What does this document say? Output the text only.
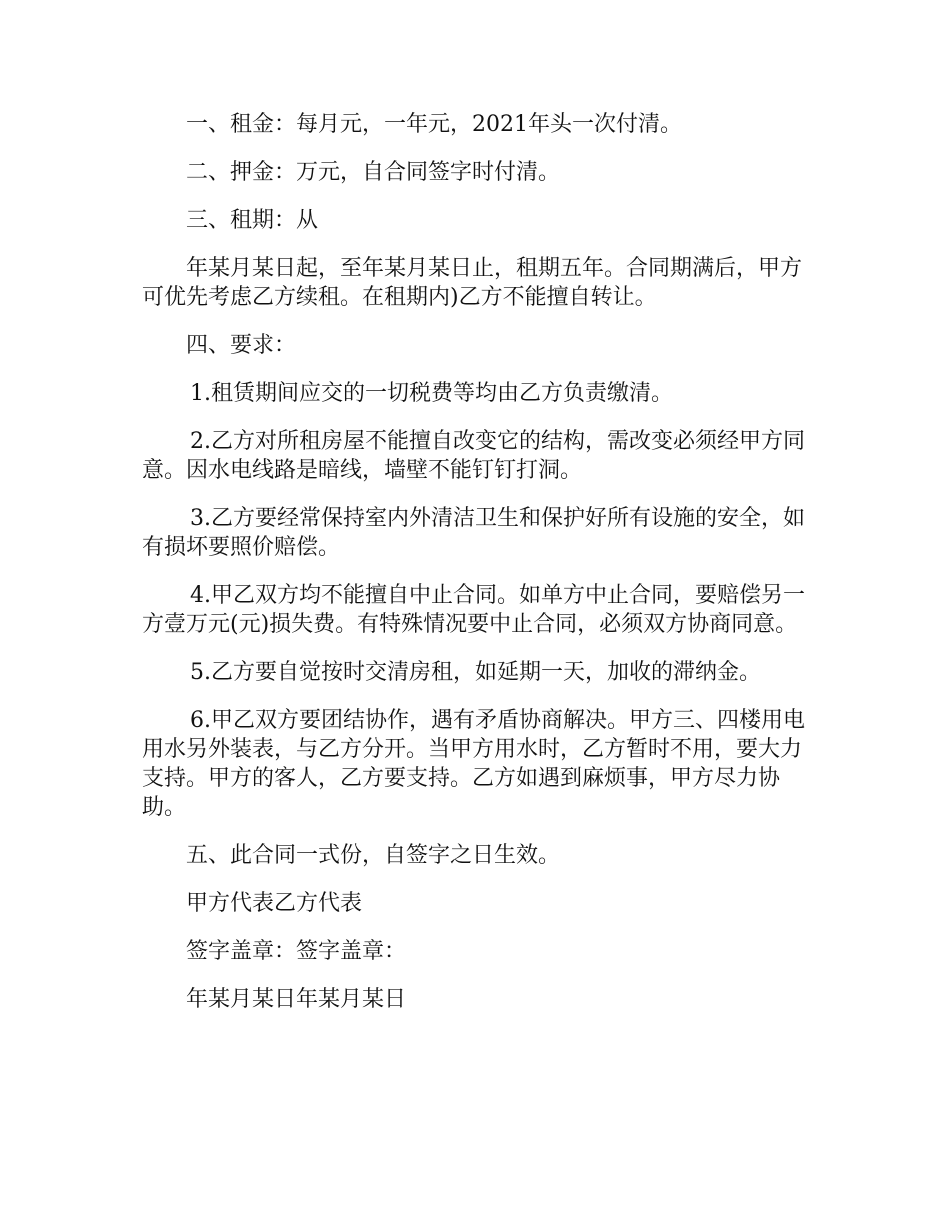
一、租金：每月元，一年元，2021年头一次付清。

二、押金：万元，自合同签字时付清。

三、租期：从

年某月某日起，至年某月某日止，租期五年。合同期满后，甲方可优先考虑乙方续租。在租期内)乙方不能擅自转让。

四、要求：

1.租赁期间应交的一切税费等均由乙方负责缴清。

2.乙方对所租房屋不能擅自改变它的结构，需改变必须经甲方同意。因水电线路是暗线，墙壁不能钉钉打洞。

3.乙方要经常保持室内外清洁卫生和保护好所有设施的安全，如有损坏要照价赔偿。

4.甲乙双方均不能擅自中止合同。如单方中止合同，要赔偿另一方壹万元(元)损失费。有特殊情况要中止合同，必须双方协商同意。

5.乙方要自觉按时交清房租，如延期一天，加收的滞纳金。

6.甲乙双方要团结协作，遇有矛盾协商解决。甲方三、四楼用电用水另外装表，与乙方分开。当甲方用水时，乙方暂时不用，要大力支持。甲方的客人，乙方要支持。乙方如遇到麻烦事，甲方尽力协助。

五、此合同一式份，自签字之日生效。

甲方代表乙方代表

签字盖章：签字盖章：

年某月某日年某月某日
